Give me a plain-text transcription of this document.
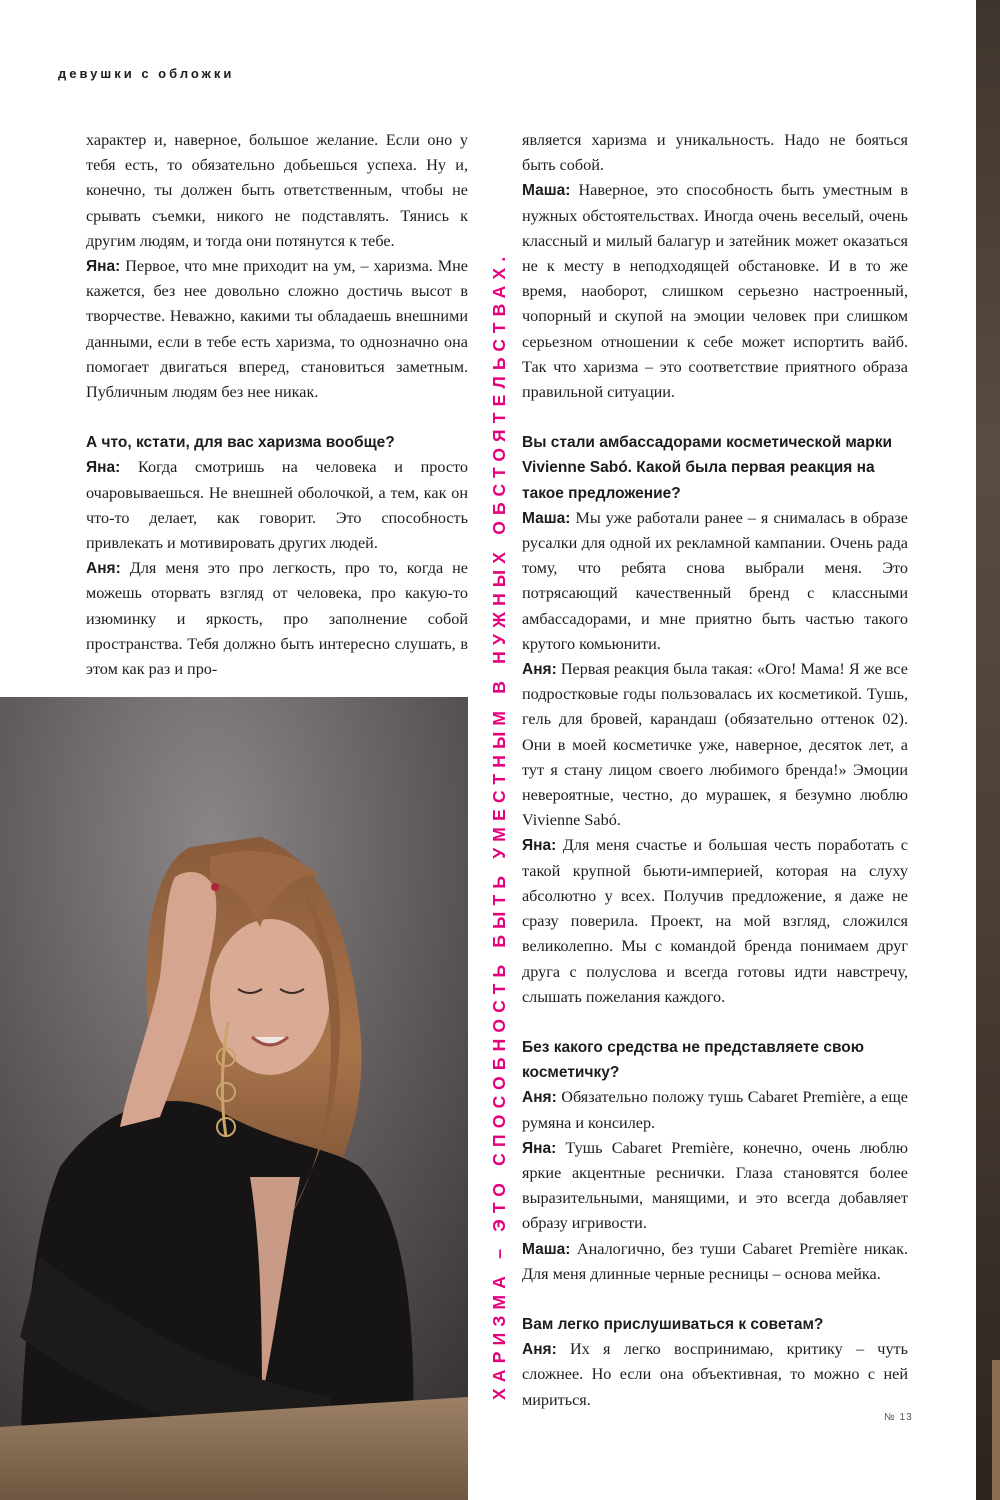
девушки с обложки

характер и, наверное, большое желание. Если оно у тебя есть, то обязательно добьешься успеха. Ну и, конечно, ты должен быть ответственным, чтобы не срывать съемки, никого не подставлять. Тянись к другим людям, и тогда они потянутся к тебе.

Яна: Первое, что мне приходит на ум, – харизма. Мне кажется, без нее довольно сложно достичь высот в творчестве. Неважно, какими ты обладаешь внешними данными, если в тебе есть харизма, то однозначно она помогает двигаться вперед, становиться заметным. Публичным людям без нее никак.

А что, кстати, для вас харизма вообще?

Яна: Когда смотришь на человека и просто очаровываешься. Не внешней оболочкой, а тем, как он что-то делает, как говорит. Это способность привлекать и мотивировать других людей.

Аня: Для меня это про легкость, про то, когда не можешь оторвать взгляд от человека, про какую-то изюминку и яркость, про заполнение собой пространства. Тебя должно быть интересно слушать, в этом как раз и про-

является харизма и уникальность. Надо не бояться быть собой.

Маша: Наверное, это способность быть уместным в нужных обстоятельствах. Иногда очень веселый, очень классный и милый балагур и затейник может оказаться не к месту в неподходящей обстановке. И в то же время, наоборот, слишком серьезно настроенный, чопорный и скупой на эмоции человек при слишком серьезном отношении к себе может испортить вайб. Так что харизма – это соответствие приятного образа правильной ситуации.

Вы стали амбассадорами косметической марки Vivienne Sabó. Какой была первая реакция на такое предложение?

Маша: Мы уже работали ранее – я снималась в образе русалки для одной их рекламной кампании. Очень рада тому, что ребята снова выбрали меня. Это потрясающий качественный бренд с классными амбассадорами, и мне приятно быть частью такого крутого комьюнити.

Аня: Первая реакция была такая: «Ого! Мама! Я же все подростковые годы пользовалась их косметикой. Тушь, гель для бровей, карандаш (обязательно оттенок 02). Они в моей косметичке уже, наверное, десяток лет, а тут я стану лицом своего любимого бренда!» Эмоции невероятные, честно, до мурашек, я безумно люблю Vivienne Sabó.

Яна: Для меня счастье и большая честь поработать с такой крупной бьюти-империей, которая на слуху абсолютно у всех. Получив предложение, я даже не сразу поверила. Проект, на мой взгляд, сложился великолепно. Мы с командой бренда понимаем друг друга с полуслова и всегда готовы идти навстречу, слышать пожелания каждого.

Без какого средства не представляете свою косметичку?

Аня: Обязательно положу тушь Cabaret Première, а еще румяна и консилер.

Яна: Тушь Cabaret Première, конечно, очень люблю яркие акцентные реснички. Глаза становятся более выразительными, манящими, и это всегда добавляет образу игривости.

Маша: Аналогично, без туши Cabaret Première никак. Для меня длинные черные ресницы – основа мейка.

Вам легко прислушиваться к советам?

Аня: Их я легко воспринимаю, критику – чуть сложнее. Но если она объективная, то можно с ней мириться.

ХАРИЗМА – ЭТО СПОСОБНОСТЬ БЫТЬ УМЕСТНЫМ В НУЖНЫХ ОБСТОЯТЕЛЬСТВАХ.
№ 13
